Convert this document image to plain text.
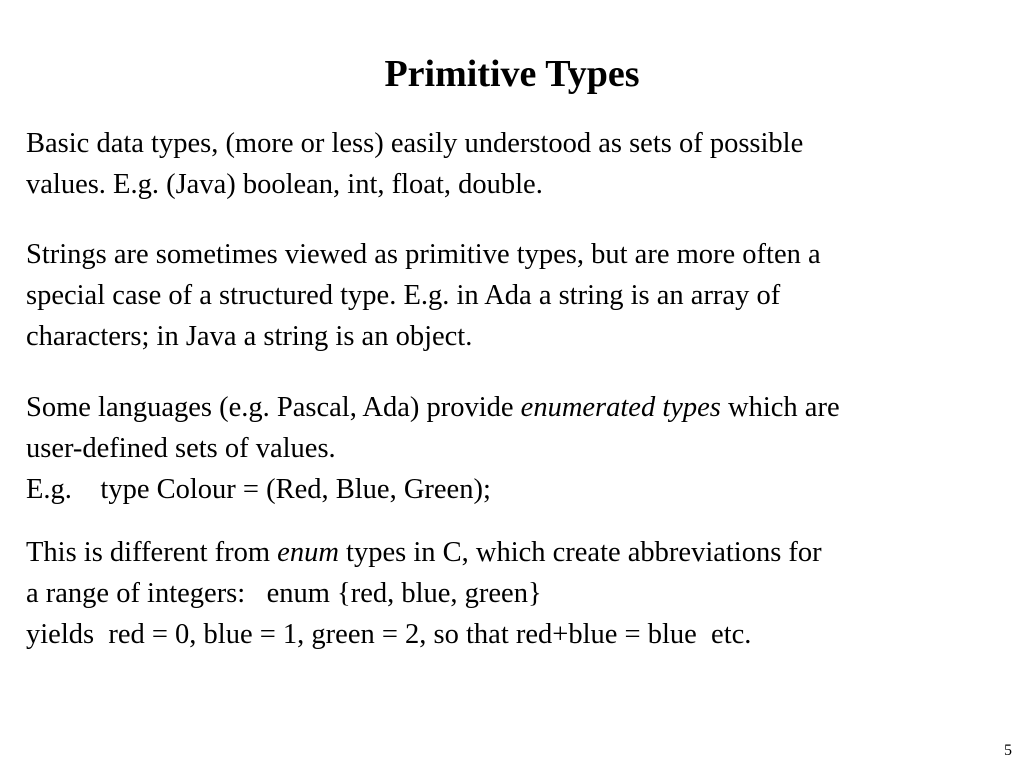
Primitive Types
Basic data types, (more or less) easily understood as sets of possible
values. E.g. (Java) boolean, int, float, double.
Strings are sometimes viewed as primitive types, but are more often a
special case of a structured type. E.g. in Ada a string is an array of
characters; in Java a string is an object.
Some languages (e.g. Pascal, Ada) provide enumerated types which are
user-defined sets of values.
E.g. type Colour = (Red, Blue, Green);
This is different from enum types in C, which create abbreviations for
a range of integers: enum {red, blue, green}
yields red = 0, blue = 1, green = 2, so that red+blue = blue  etc.
5
